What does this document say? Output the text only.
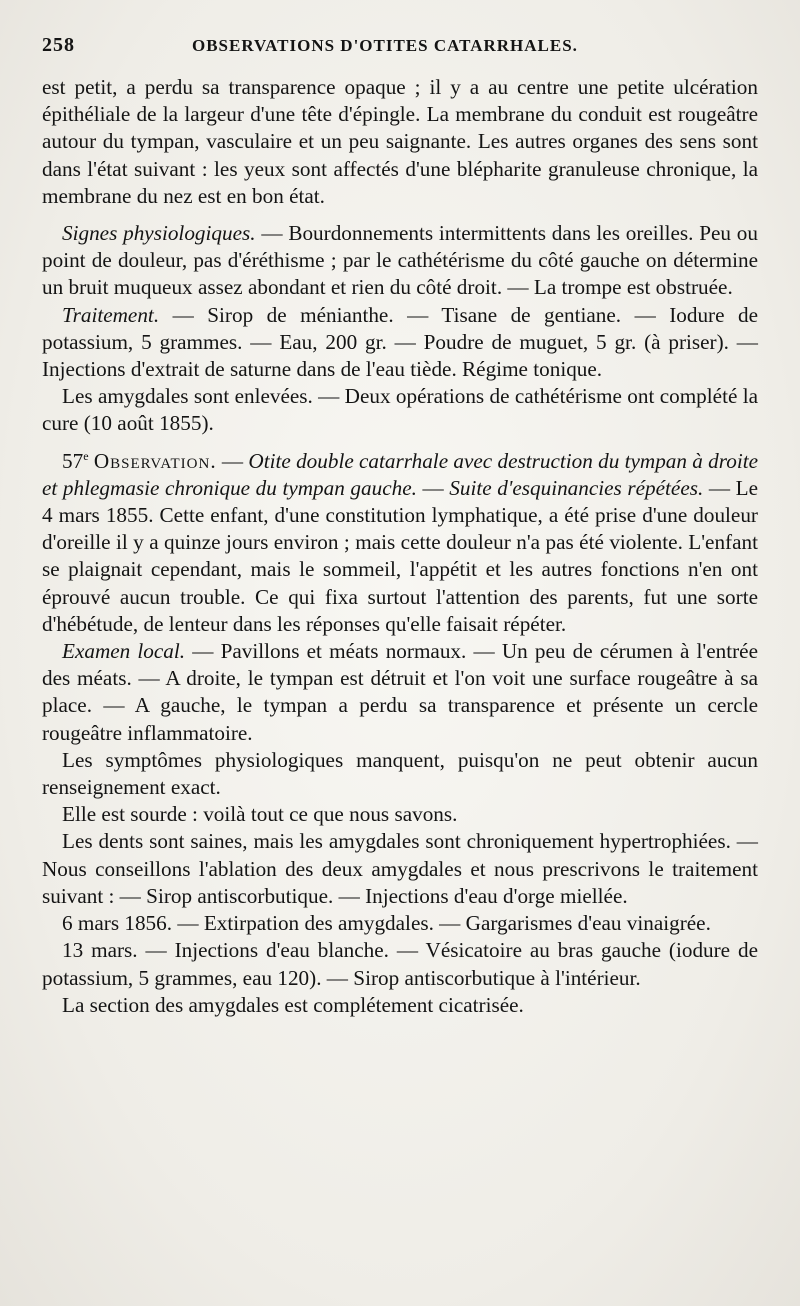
258	OBSERVATIONS D'OTITES CATARRHALES.

est petit, a perdu sa transparence opaque ; il y a au centre une petite ulcération épithéliale de la largeur d'une tête d'épingle. La membrane du conduit est rougeâtre autour du tympan, vasculaire et un peu saignante. Les autres organes des sens sont dans l'état suivant : les yeux sont affectés d'une blépharite granuleuse chronique, la membrane du nez est en bon état.

Signes physiologiques. — Bourdonnements intermittents dans les oreilles. Peu ou point de douleur, pas d'éréthisme ; par le cathétérisme du côté gauche on détermine un bruit muqueux assez abondant et rien du côté droit. — La trompe est obstruée.

Traitement. — Sirop de ménianthe. — Tisane de gentiane. — Iodure de potassium, 5 grammes. — Eau, 200 gr. — Poudre de muguet, 5 gr. (à priser). — Injections d'extrait de saturne dans de l'eau tiède. Régime tonique.

Les amygdales sont enlevées. — Deux opérations de cathétérisme ont complété la cure (10 août 1855).

57e Observation. — Otite double catarrhale avec destruction du tympan à droite et phlegmasie chronique du tympan gauche. — Suite d'esquinancies répétées. — Le 4 mars 1855. Cette enfant, d'une constitution lymphatique, a été prise d'une douleur d'oreille il y a quinze jours environ ; mais cette douleur n'a pas été violente. L'enfant se plaignait cependant, mais le sommeil, l'appétit et les autres fonctions n'en ont éprouvé aucun trouble. Ce qui fixa surtout l'attention des parents, fut une sorte d'hébétude, de lenteur dans les réponses qu'elle faisait répéter.

Examen local. — Pavillons et méats normaux. — Un peu de cérumen à l'entrée des méats. — A droite, le tympan est détruit et l'on voit une surface rougeâtre à sa place. — A gauche, le tympan a perdu sa transparence et présente un cercle rougeâtre inflammatoire.

Les symptômes physiologiques manquent, puisqu'on ne peut obtenir aucun renseignement exact.

Elle est sourde : voilà tout ce que nous savons.

Les dents sont saines, mais les amygdales sont chroniquement hypertrophiées. — Nous conseillons l'ablation des deux amygdales et nous prescrivons le traitement suivant : — Sirop antiscorbutique. — Injections d'eau d'orge miellée.

6 mars 1856. — Extirpation des amygdales. — Gargarismes d'eau vinaigrée.

13 mars. — Injections d'eau blanche. — Vésicatoire au bras gauche (iodure de potassium, 5 grammes, eau 120). — Sirop antiscorbutique à l'intérieur.

La section des amygdales est complétement cicatrisée.
